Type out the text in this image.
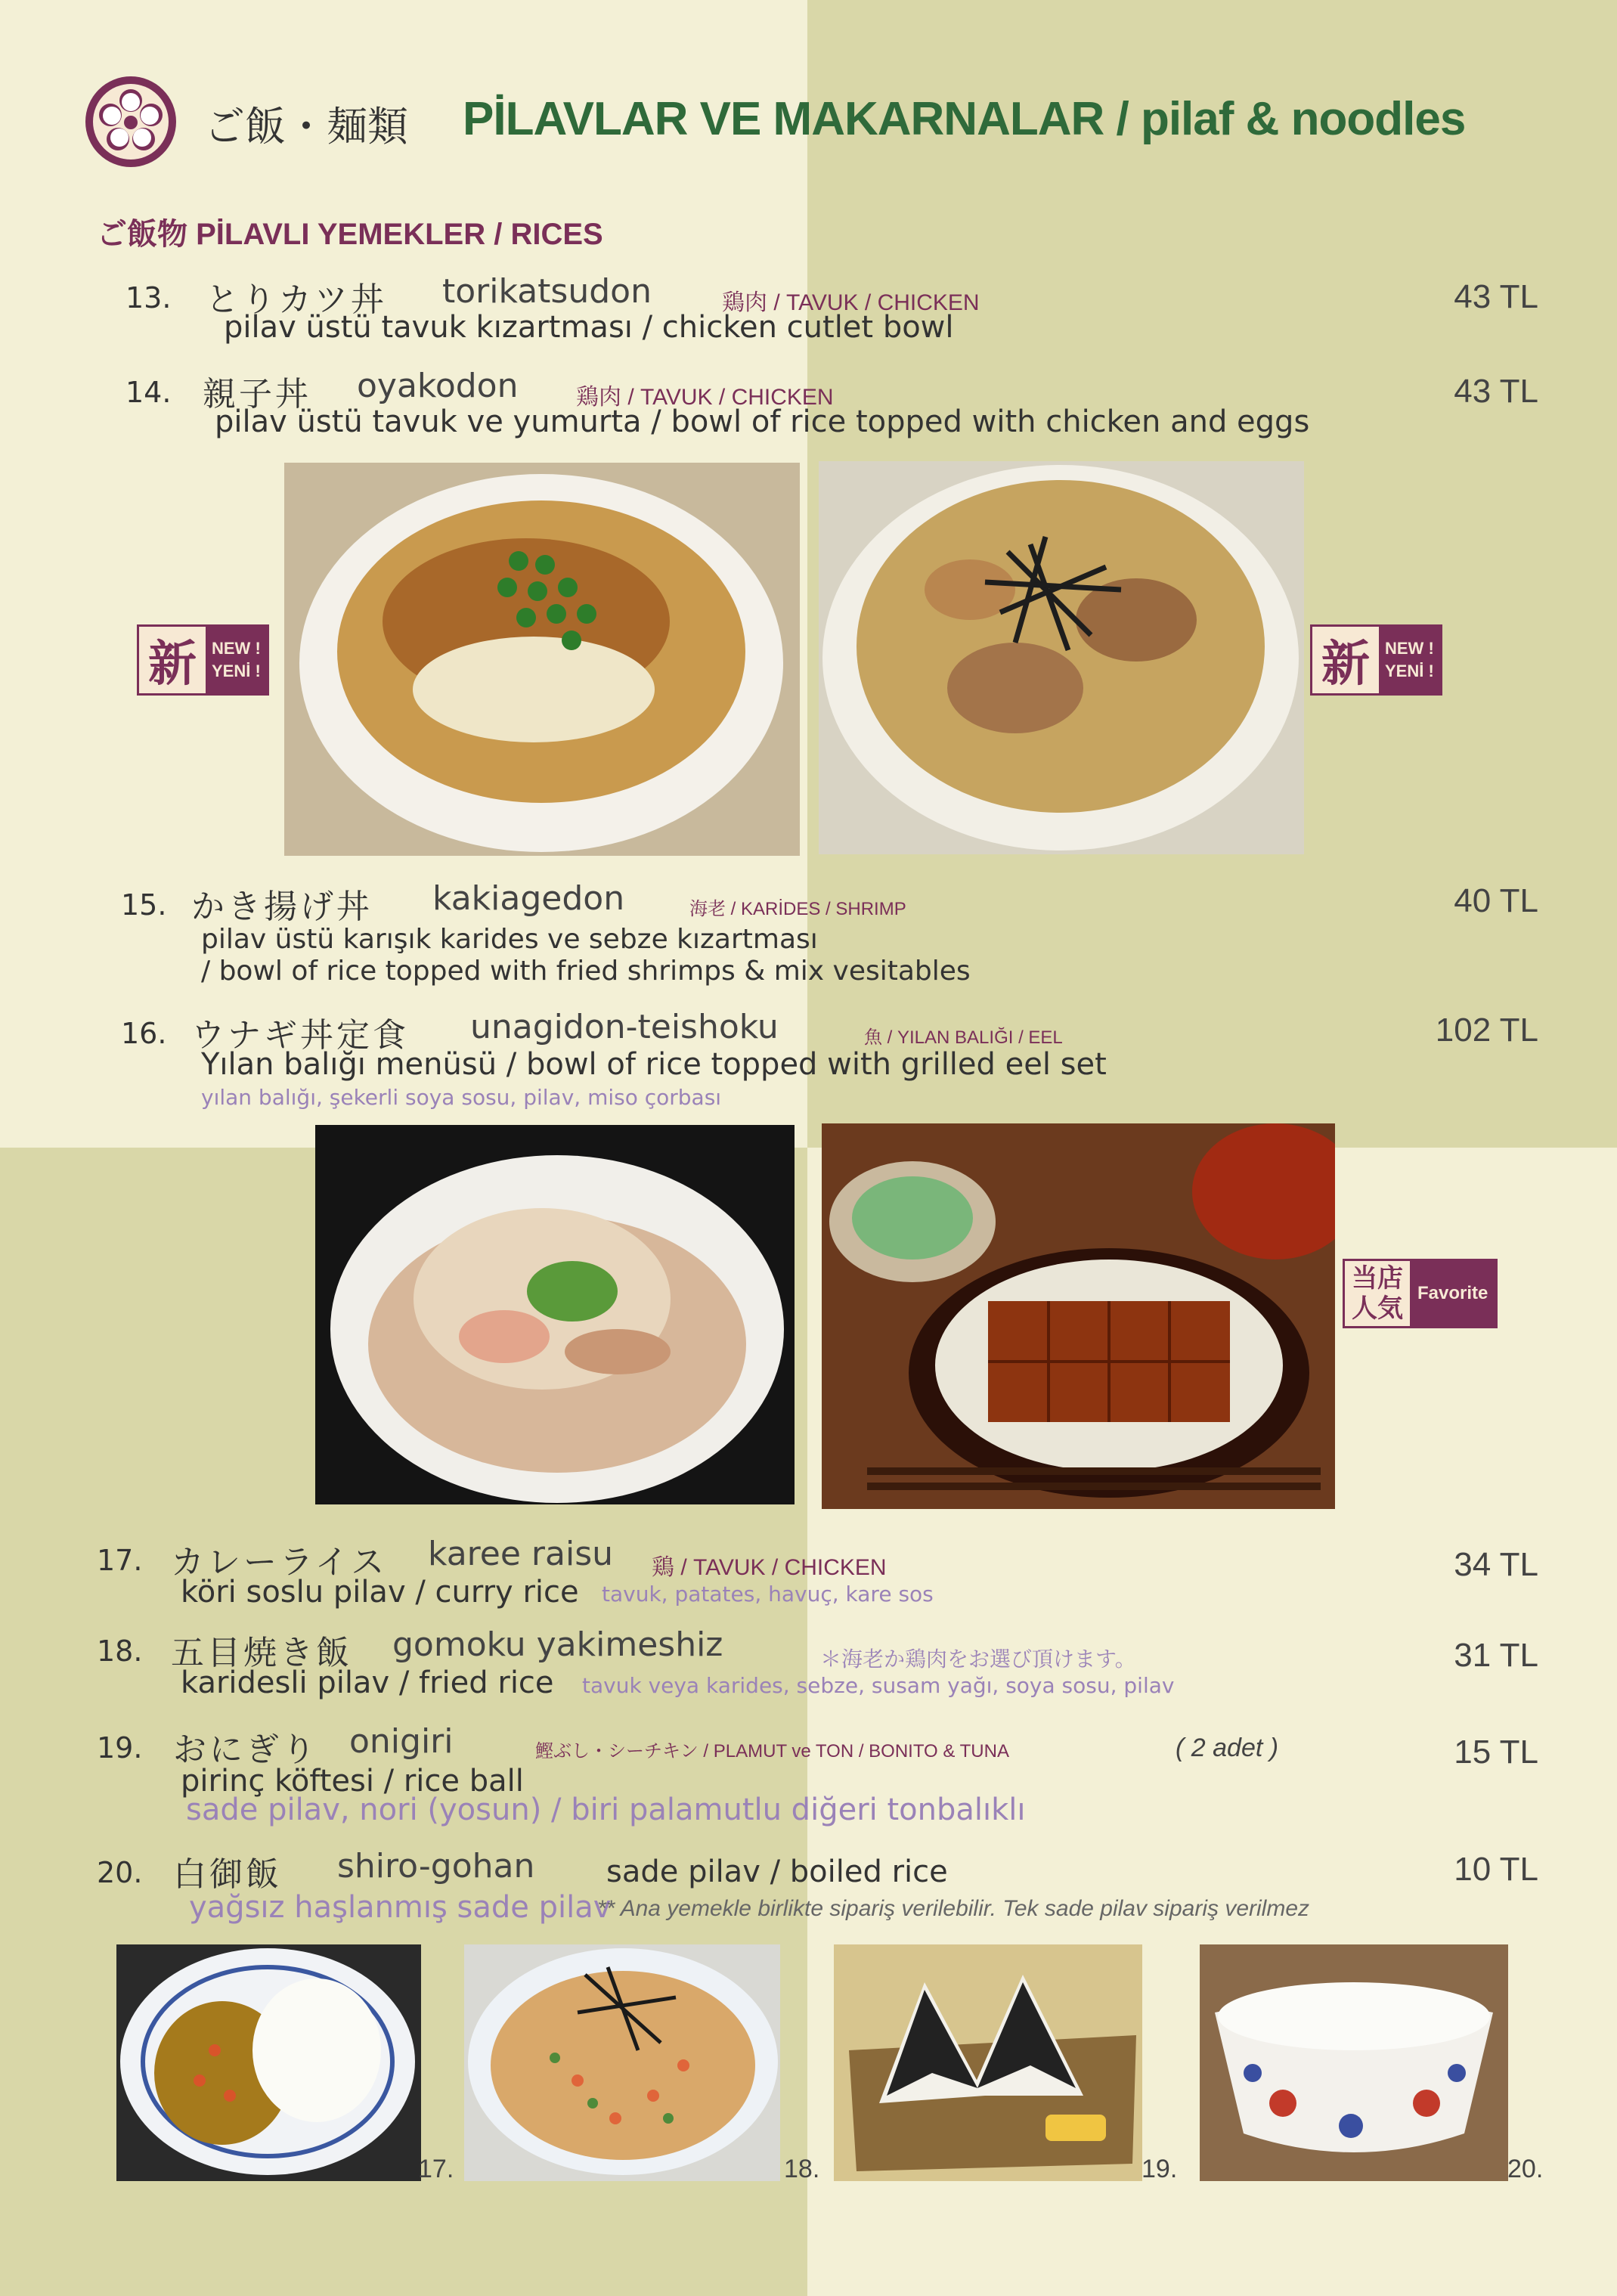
ご飯・麺類 PİLAVLAR VE MAKARNALAR / pilaf & noodles
ご飯物 PİLAVLI YEMEKLER / RICES
13. とりカツ丼 torikatsudon	鶏肉 / TAVUK / CHICKEN
pilav üstü tavuk kızartması / chicken cutlet bowl
43 TL
14. 親子丼 oyakodon	鶏肉 / TAVUK / CHICKEN
pilav üstü tavuk ve yumurta / bowl of rice topped with chicken and eggs
43 TL
新 NEW !
YENİ !	新 NEW !
YENİ !
15. かき揚げ丼 kakiagedon	海老 / KARİDES / SHRIMP
pilav üstü karışık karides ve sebze kızartması
/ bowl of rice topped with fried shrimps & mix vesitables
40 TL
16. ウナギ丼定食 unagidon-teishoku	魚 / YILAN BALIĞI / EEL
Yılan balığı menüsü / bowl of rice topped with grilled eel set
yılan balığı, şekerli soya sosu, pilav, miso çorbası
102 TL
当店
人気
Favorite
17. カレーライス karee raisu 鶏 / TAVUK / CHICKEN
köri soslu pilav / curry rice tavuk, patates, havuç, kare sos
34 TL
18. 五目焼き飯 gomoku yakimeshiz	＊海老か鶏肉をお選び頂けます。
karidesli pilav / fried rice tavuk veya karides, sebze, susam yağı, soya sosu, pilav
31 TL
19. おにぎり onigiri	鰹ぶし・シーチキン / PLAMUT ve TON / BONITO & TUNA	( 2 adet )
pirinç köftesi / rice ball
sade pilav, nori (yosun) / biri palamutlu diğeri tonbalıklı
15 TL
20. 白御飯 shiro-gohan sade pilav / boiled rice
yağsız haşlanmış sade pilav
** Ana yemekle birlikte sipariş verilebilir. Tek sade pilav sipariş verilmez
10 TL
17.	18.	19.	20.
